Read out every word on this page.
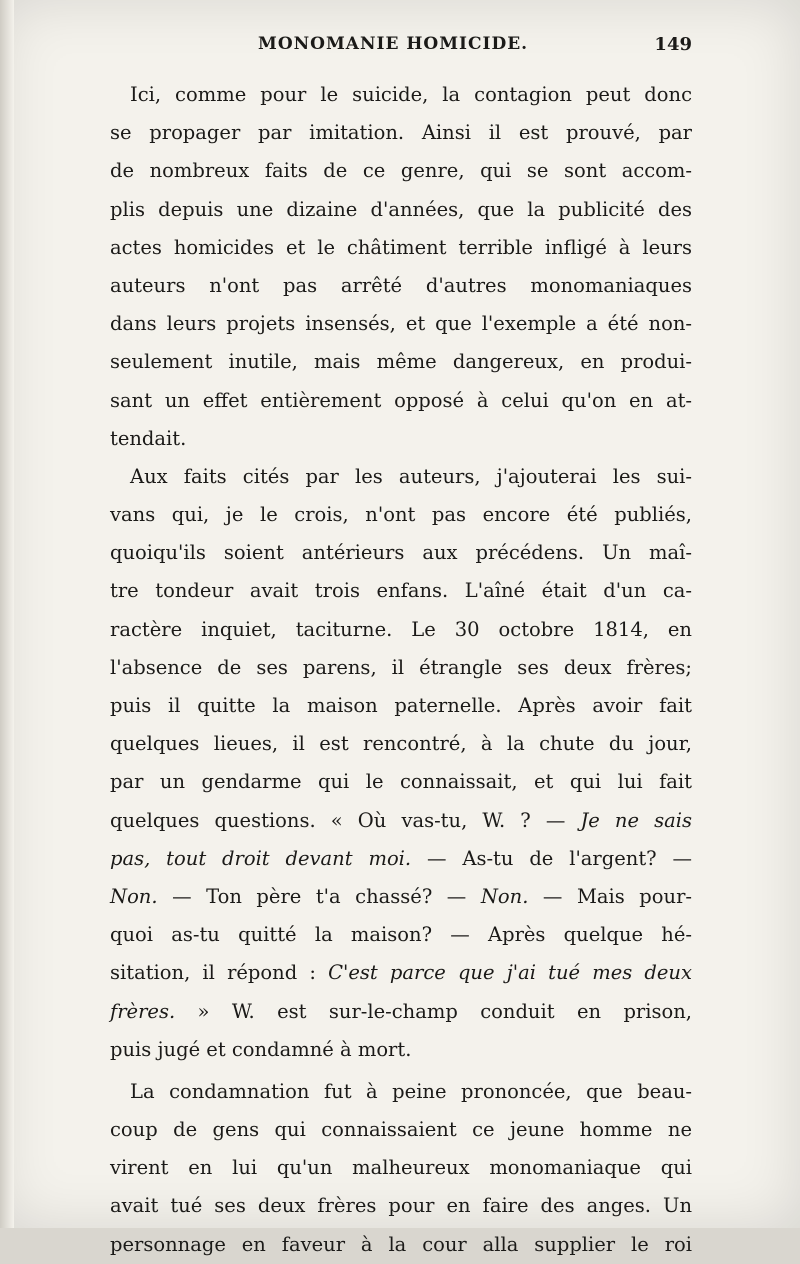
MONOMANIE HOMICIDE.	149
Ici, comme pour le suicide, la contagion peut donc
se propager par imitation. Ainsi il est prouvé, par
de nombreux faits de ce genre, qui se sont accom-
plis depuis une dizaine d'années, que la publicité des
actes homicides et le châtiment terrible infligé à leurs
auteurs n'ont pas arrêté d'autres monomaniaques
dans leurs projets insensés, et que l'exemple a été non-
seulement inutile, mais même dangereux, en produi-
sant un effet entièrement opposé à celui qu'on en at-
tendait.
Aux faits cités par les auteurs, j'ajouterai les sui-
vans qui, je le crois, n'ont pas encore été publiés,
quoiqu'ils soient antérieurs aux précédens. Un maî-
tre tondeur avait trois enfans. L'aîné était d'un ca-
ractère inquiet, taciturne. Le 30 octobre 1814, en
l'absence de ses parens, il étrangle ses deux frères;
puis il quitte la maison paternelle. Après avoir fait
quelques lieues, il est rencontré, à la chute du jour,
par un gendarme qui le connaissait, et qui lui fait
quelques questions. « Où vas-tu, W. ? — Je ne sais
pas, tout droit devant moi. — As-tu de l'argent? —
Non. — Ton père t'a chassé? — Non. — Mais pour-
quoi as-tu quitté la maison? — Après quelque hé-
sitation, il répond : C'est parce que j'ai tué mes deux
frères. » W. est sur-le-champ conduit en prison,
puis jugé et condamné à mort.
La condamnation fut à peine prononcée, que beau-
coup de gens qui connaissaient ce jeune homme ne
virent en lui qu'un malheureux monomaniaque qui
avait tué ses deux frères pour en faire des anges. Un
personnage en faveur à la cour alla supplier le roi
